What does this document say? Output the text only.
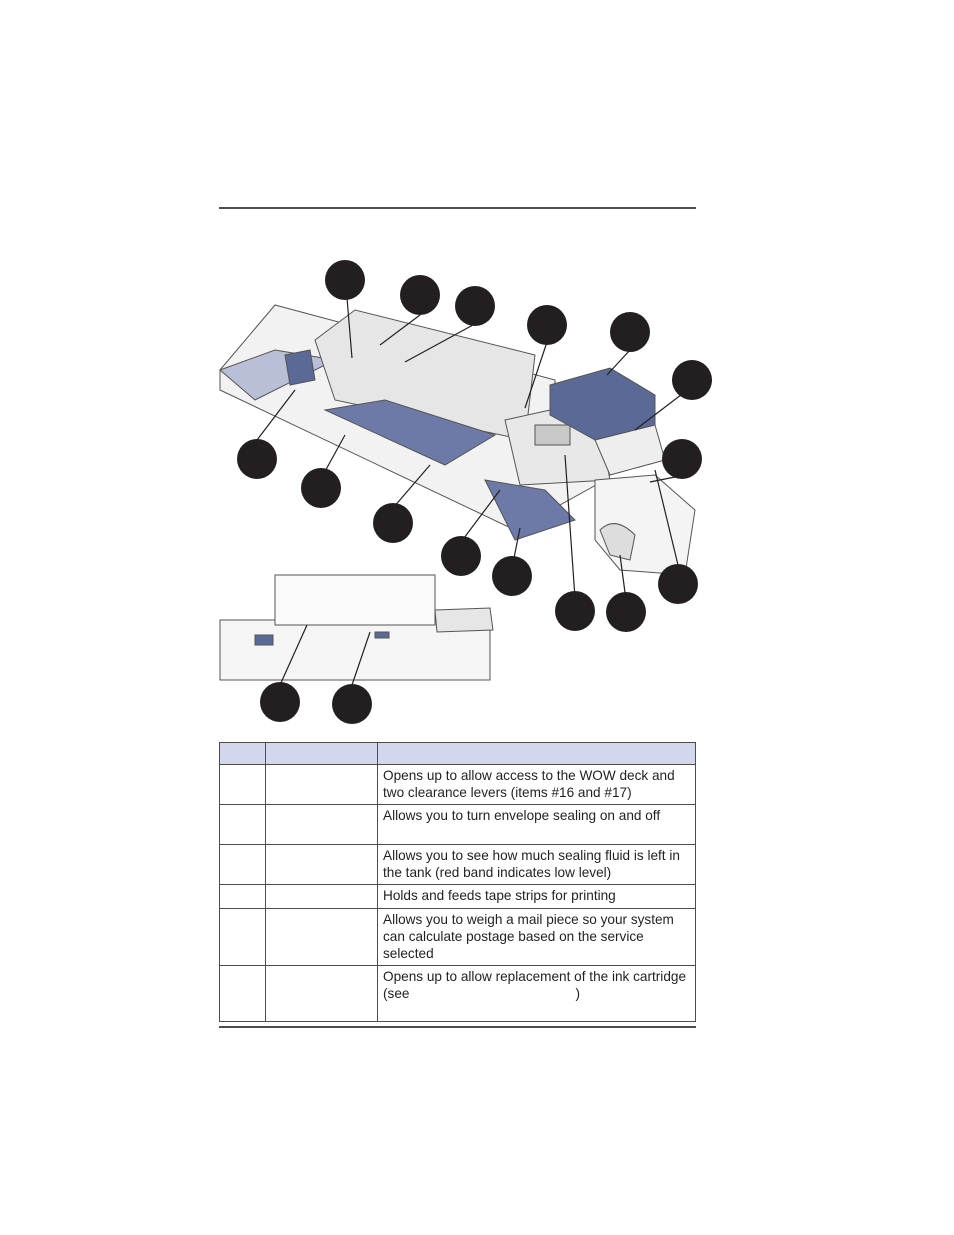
		Opens up to allow access to the WOW deck and two clearance levers (items #16 and #17)
		Allows you to turn envelope sealing on and off
		Allows you to see how much sealing fluid is left in the tank (red band indicates low level)
		Holds and feeds tape strips for printing
		Allows you to weigh a mail piece so your system can calculate postage based on the service selected
		Opens up to allow replacement of the ink cartridge (see )
